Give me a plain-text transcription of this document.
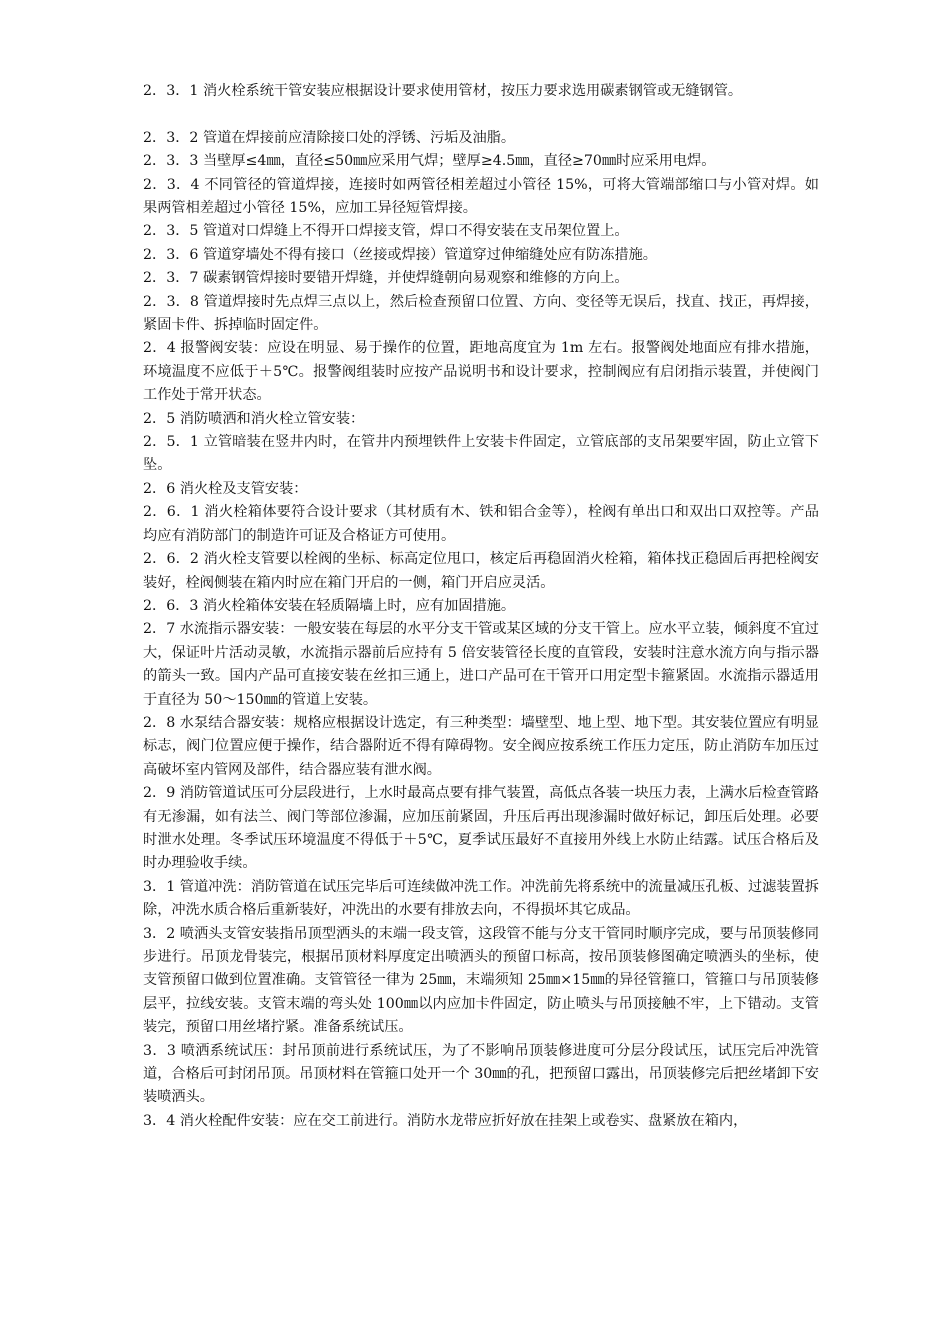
2．3．1 消火栓系统干管安装应根据设计要求使用管材，按压力要求选用碳素钢管或无缝钢管。

2．3．2 管道在焊接前应清除接口处的浮锈、污垢及油脂。

2．3．3 当壁厚≤4㎜，直径≤50㎜应采用气焊；壁厚≥4.5㎜，直径≥70㎜时应采用电焊。

2．3．4 不同管径的管道焊接，连接时如两管径相差超过小管径 15%，可将大管端部缩口与小管对焊。如果两管相差超过小管径 15%，应加工异径短管焊接。

2．3．5 管道对口焊缝上不得开口焊接支管，焊口不得安装在支吊架位置上。

2．3．6 管道穿墙处不得有接口（丝接或焊接）管道穿过伸缩缝处应有防冻措施。

2．3．7 碳素钢管焊接时要错开焊缝，并使焊缝朝向易观察和维修的方向上。

2．3．8 管道焊接时先点焊三点以上，然后检查预留口位置、方向、变径等无误后，找直、找正，再焊接，紧固卡件、拆掉临时固定件。

2．4 报警阀安装：应设在明显、易于操作的位置，距地高度宜为 1m 左右。报警阀处地面应有排水措施，环境温度不应低于＋5℃。报警阀组装时应按产品说明书和设计要求，控制阀应有启闭指示装置，并使阀门工作处于常开状态。

2．5 消防喷洒和消火栓立管安装：

2．5．1 立管暗装在竖井内时，在管井内预埋铁件上安装卡件固定，立管底部的支吊架要牢固，防止立管下坠。

2．6 消火栓及支管安装：

2．6．1 消火栓箱体要符合设计要求（其材质有木、铁和铝合金等），栓阀有单出口和双出口双控等。产品均应有消防部门的制造许可证及合格证方可使用。

2．6．2 消火栓支管要以栓阀的坐标、标高定位甩口，核定后再稳固消火栓箱，箱体找正稳固后再把栓阀安装好，栓阀侧装在箱内时应在箱门开启的一侧，箱门开启应灵活。

2．6．3 消火栓箱体安装在轻质隔墙上时，应有加固措施。

2．7 水流指示器安装：一般安装在每层的水平分支干管或某区域的分支干管上。应水平立装，倾斜度不宜过大，保证叶片活动灵敏，水流指示器前后应持有 5 倍安装管径长度的直管段，安装时注意水流方向与指示器的箭头一致。国内产品可直接安装在丝扣三通上，进口产品可在干管开口用定型卡箍紧固。水流指示器适用于直径为 50～150㎜的管道上安装。

2．8 水泵结合器安装：规格应根据设计选定，有三种类型：墙壁型、地上型、地下型。其安装位置应有明显标志，阀门位置应便于操作，结合器附近不得有障碍物。安全阀应按系统工作压力定压，防止消防车加压过高破坏室内管网及部件，结合器应装有泄水阀。

2．9 消防管道试压可分层段进行，上水时最高点要有排气装置，高低点各装一块压力表，上满水后检查管路有无渗漏，如有法兰、阀门等部位渗漏，应加压前紧固，升压后再出现渗漏时做好标记，卸压后处理。必要时泄水处理。冬季试压环境温度不得低于＋5℃，夏季试压最好不直接用外线上水防止结露。试压合格后及时办理验收手续。

3．1 管道冲洗：消防管道在试压完毕后可连续做冲洗工作。冲洗前先将系统中的流量减压孔板、过滤装置拆除，冲洗水质合格后重新装好，冲洗出的水要有排放去向，不得损坏其它成品。

3．2 喷洒头支管安装指吊顶型洒头的末端一段支管，这段管不能与分支干管同时顺序完成，要与吊顶装修同步进行。吊顶龙骨装完，根据吊顶材料厚度定出喷洒头的预留口标高，按吊顶装修图确定喷洒头的坐标，使支管预留口做到位置准确。支管管径一律为 25㎜，末端须知 25㎜×15㎜的异径管箍口，管箍口与吊顶装修层平，拉线安装。支管末端的弯头处 100㎜以内应加卡件固定，防止喷头与吊顶接触不牢，上下错动。支管装完，预留口用丝堵拧紧。准备系统试压。

3．3 喷洒系统试压：封吊顶前进行系统试压，为了不影响吊顶装修进度可分层分段试压，试压完后冲洗管道，合格后可封闭吊顶。吊顶材料在管箍口处开一个 30㎜的孔，把预留口露出，吊顶装修完后把丝堵卸下安装喷洒头。

3．4 消火栓配件安装：应在交工前进行。消防水龙带应折好放在挂架上或卷实、盘紧放在箱内，
